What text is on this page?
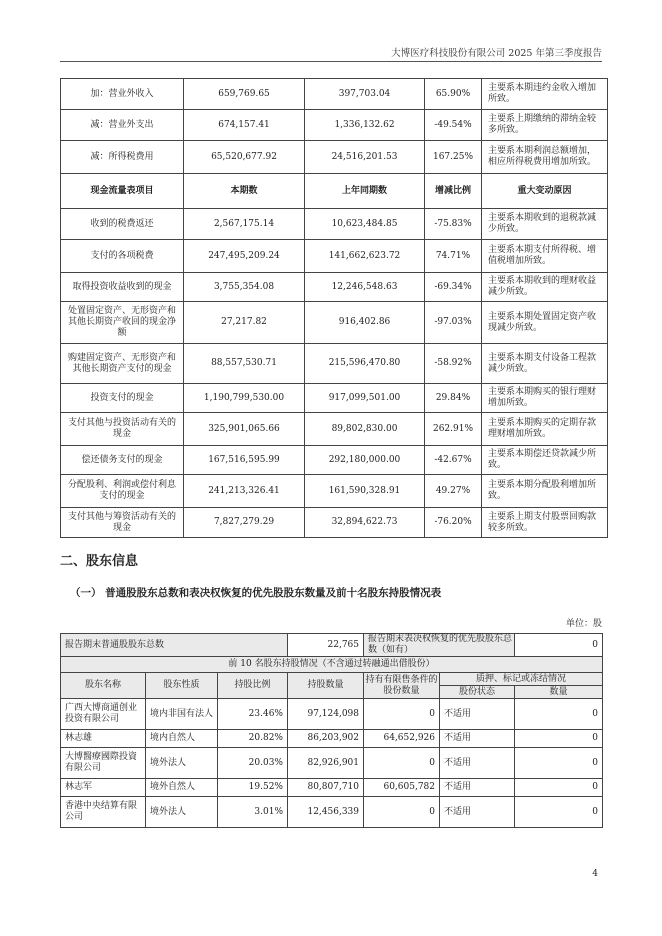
大博医疗科技股份有限公司 2025 年第三季度报告
加：营业外收入	659,769.65	397,703.04	65.90%	主要系本期违约金收入增加所致。
减：营业外支出	674,157.41	1,336,132.62	-49.54%	主要系上期缴纳的滞纳金较多所致。
减：所得税费用	65,520,677.92	24,516,201.53	167.25%	主要系本期利润总额增加，相应所得税费用增加所致。
现金流量表项目	本期数	上年同期数	增减比例	重大变动原因
收到的税费返还	2,567,175.14	10,623,484.85	-75.83%	主要系本期收到的退税款减少所致。
支付的各项税费	247,495,209.24	141,662,623.72	74.71%	主要系本期支付所得税、增值税增加所致。
取得投资收益收到的现金	3,755,354.08	12,246,548.63	-69.34%	主要系本期收到的理财收益减少所致。
处置固定资产、无形资产和其他长期资产收回的现金净额	27,217.82	916,402.86	-97.03%	主要系本期处置固定资产收现减少所致。
购建固定资产、无形资产和其他长期资产支付的现金	88,557,530.71	215,596,470.80	-58.92%	主要系本期支付设备工程款减少所致。
投资支付的现金	1,190,799,530.00	917,099,501.00	29.84%	主要系本期购买的银行理财增加所致。
支付其他与投资活动有关的现金	325,901,065.66	89,802,830.00	262.91%	主要系本期购买的定期存款理财增加所致。
偿还债务支付的现金	167,516,595.99	292,180,000.00	-42.67%	主要系本期偿还贷款减少所致。
分配股利、利润或偿付利息支付的现金	241,213,326.41	161,590,328.91	49.27%	主要系本期分配股利增加所致。
支付其他与筹资活动有关的现金	7,827,279.29	32,894,622.73	-76.20%	主要系上期支付股票回购款较多所致。
二、股东信息
（一） 普通股股东总数和表决权恢复的优先股股东数量及前十名股东持股情况表
单位：股
报告期末普通股股东总数			22,765	报告期末表决权恢复的优先股股东总数（如有）		0
前 10 名股东持股情况（不含通过转融通出借股份）						
股东名称	股东性质	持股比例	持股数量	持有有限售条件的股份数量	质押、标记或冻结情况	
					股份状态	数量
广西大博商通创业投资有限公司	境内非国有法人	23.46%	97,124,098	0	不适用	0
林志雄	境内自然人	20.82%	86,203,902	64,652,926	不适用	0
大博醫療國際投資有限公司	境外法人	20.03%	82,926,901	0	不适用	0
林志军	境外自然人	19.52%	80,807,710	60,605,782	不适用	0
香港中央结算有限公司	境外法人	3.01%	12,456,339	0	不适用	0
4
